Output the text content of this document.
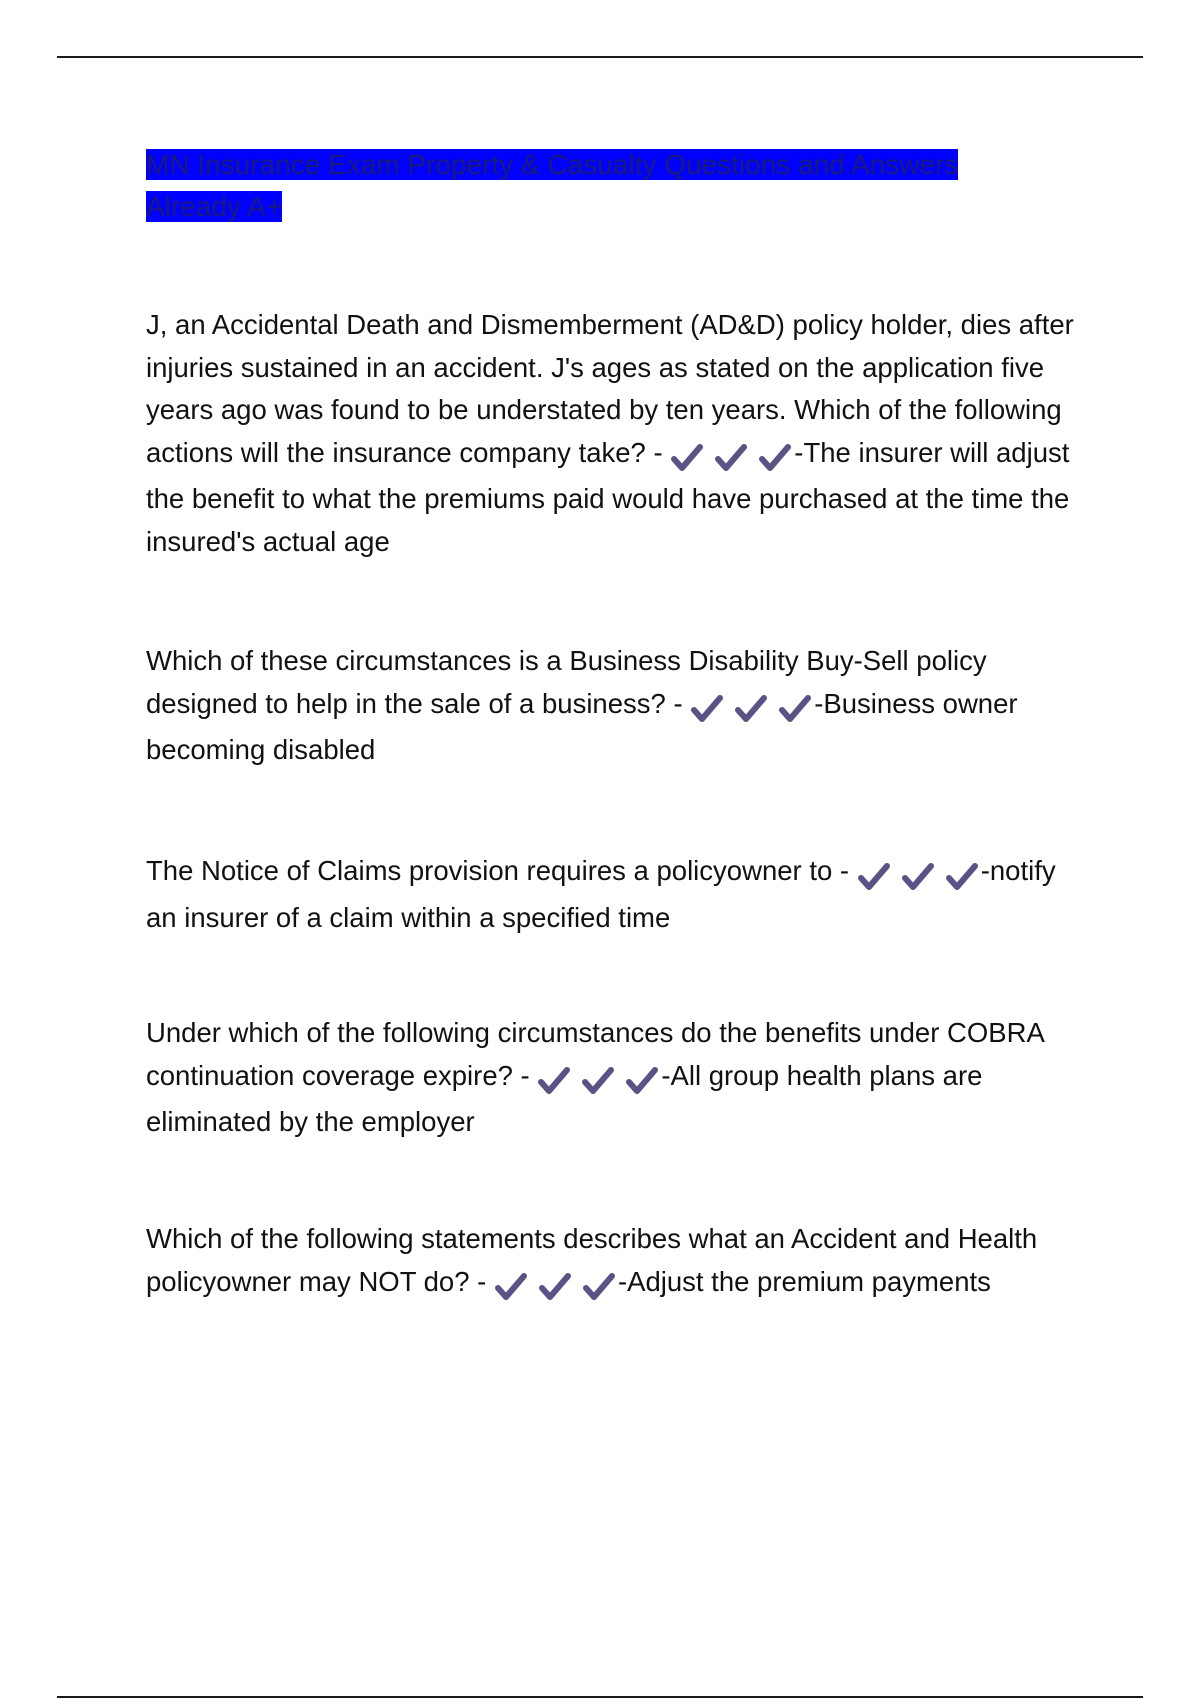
MN Insurance Exam Property & Casualty Questions and Answers Already A+

J, an Accidental Death and Dismemberment (AD&D) policy holder, dies after injuries sustained in an accident. J's ages as stated on the application five years ago was found to be understated by ten years. Which of the following actions will the insurance company take? -	-The insurer will adjust the benefit to what the premiums paid would have purchased at the time the insured's actual age

Which of these circumstances is a Business Disability Buy-Sell policy designed to help in the sale of a business? -	-Business owner becoming disabled

The Notice of Claims provision requires a policyowner to -	-notify an insurer of a claim within a specified time

Under which of the following circumstances do the benefits under COBRA continuation coverage expire? -	-All group health plans are eliminated by the employer

Which of the following statements describes what an Accident and Health policyowner may NOT do? -	-Adjust the premium payments
